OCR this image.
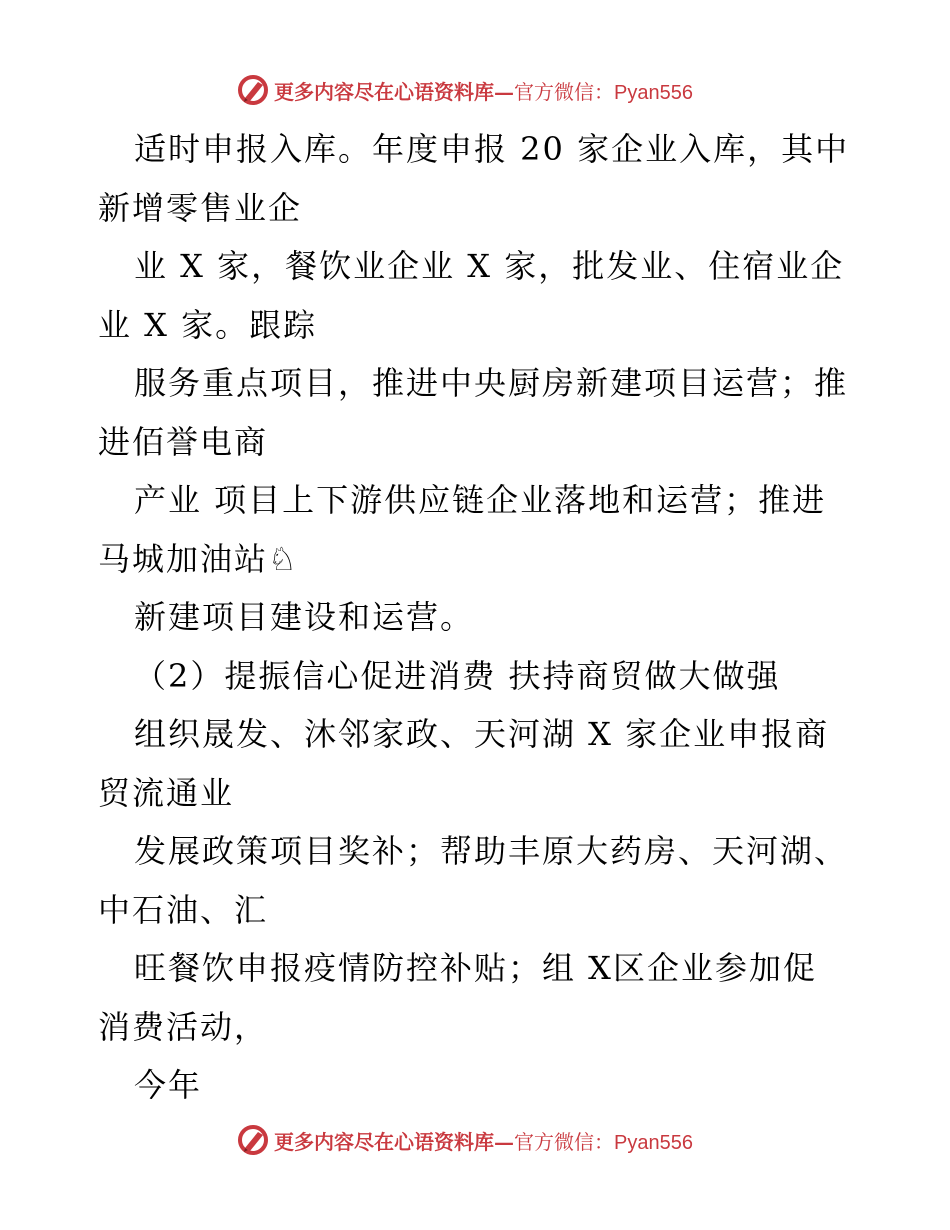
更多内容尽在心语资料库—官方微信：Pyan556
适时申报入库。年度申报 20 家企业入库，其中
新增零售业企
业 X 家，餐饮业企业 X 家，批发业、住宿业企
业 X 家。跟踪
服务重点项目，推进中央厨房新建项目运营；推
进佰誉电商
产业 项目上下游供应链企业落地和运营；推进
马城加油站♘
新建项目建设和运营。
（2）提振信心促进消费 扶持商贸做大做强
组织晟发、沐邻家政、天河湖 X 家企业申报商
贸流通业
发展政策项目奖补；帮助丰原大药房、天河湖、
中石油、汇
旺餐饮申报疫情防控补贴；组 X区企业参加促
消费活动，
今年
更多内容尽在心语资料库—官方微信：Pyan556
